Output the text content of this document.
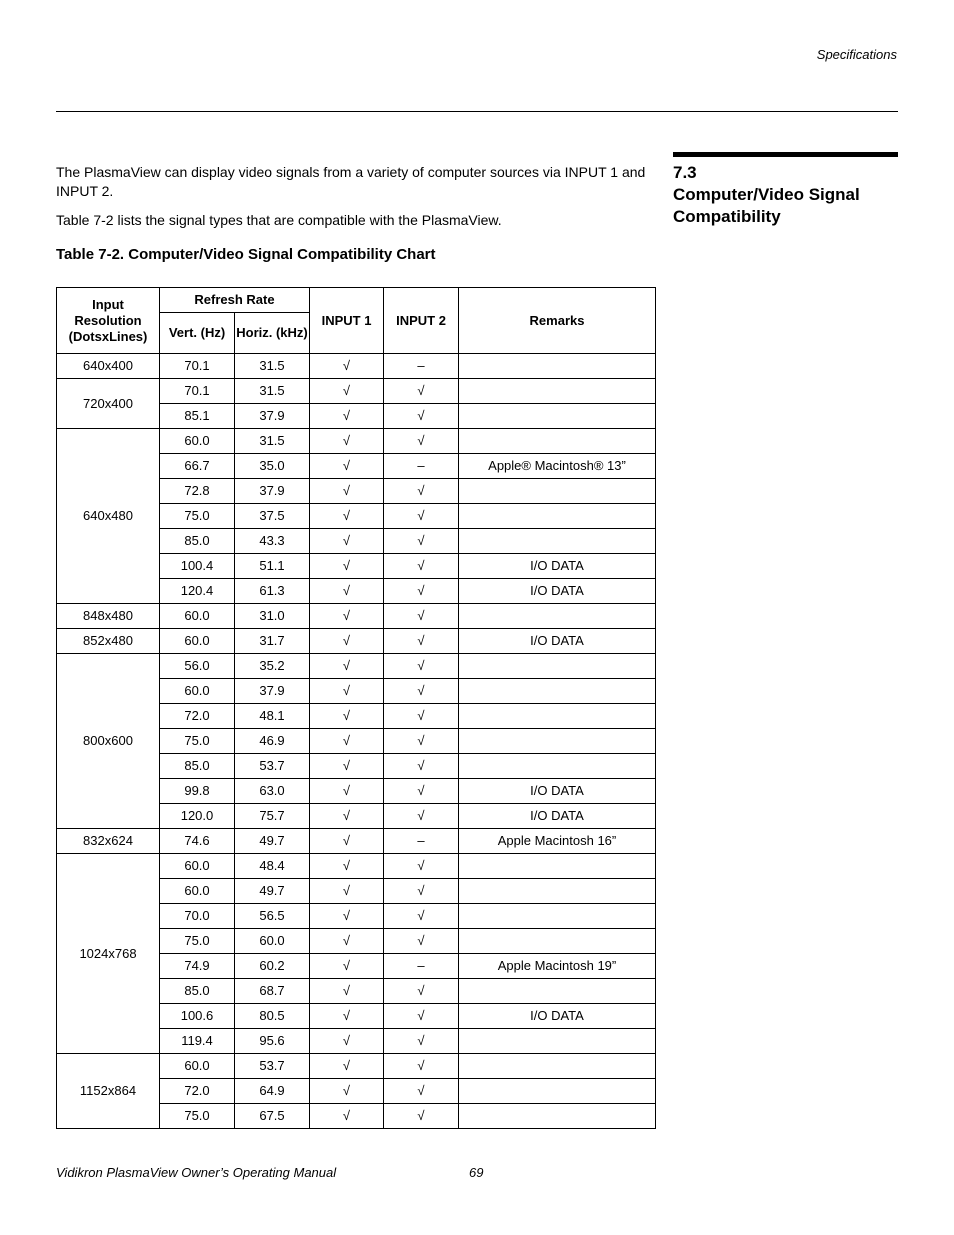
Specifications

The PlasmaView can display video signals from a variety of computer sources via INPUT 1 and INPUT 2.

Table 7-2 lists the signal types that are compatible with the PlasmaView.

7.3
Computer/Video Signal Compatibility
Table 7-2. Computer/Video Signal Compatibility Chart
Input Resolution (DotsxLines)	Refresh Rate		INPUT 1	INPUT 2	Remarks
	Vert. (Hz)	Horiz. (kHz)			
640x400	70.1	31.5	√	–	
720x400	70.1	31.5	√	√	
	85.1	37.9	√	√	
640x480	60.0	31.5	√	√	
	66.7	35.0	√	–	Apple® Macintosh® 13”
	72.8	37.9	√	√	
	75.0	37.5	√	√	
	85.0	43.3	√	√	
	100.4	51.1	√	√	I/O DATA
	120.4	61.3	√	√	I/O DATA
848x480	60.0	31.0	√	√	
852x480	60.0	31.7	√	√	I/O DATA
800x600	56.0	35.2	√	√	
	60.0	37.9	√	√	
	72.0	48.1	√	√	
	75.0	46.9	√	√	
	85.0	53.7	√	√	
	99.8	63.0	√	√	I/O DATA
	120.0	75.7	√	√	I/O DATA
832x624	74.6	49.7	√	–	Apple Macintosh 16”
1024x768	60.0	48.4	√	√	
	60.0	49.7	√	√	
	70.0	56.5	√	√	
	75.0	60.0	√	√	
	74.9	60.2	√	–	Apple Macintosh 19”
	85.0	68.7	√	√	
	100.6	80.5	√	√	I/O DATA
	119.4	95.6	√	√	
1152x864	60.0	53.7	√	√	
	72.0	64.9	√	√	
	75.0	67.5	√	√	
Vidikron PlasmaView Owner’s Operating Manual	69
